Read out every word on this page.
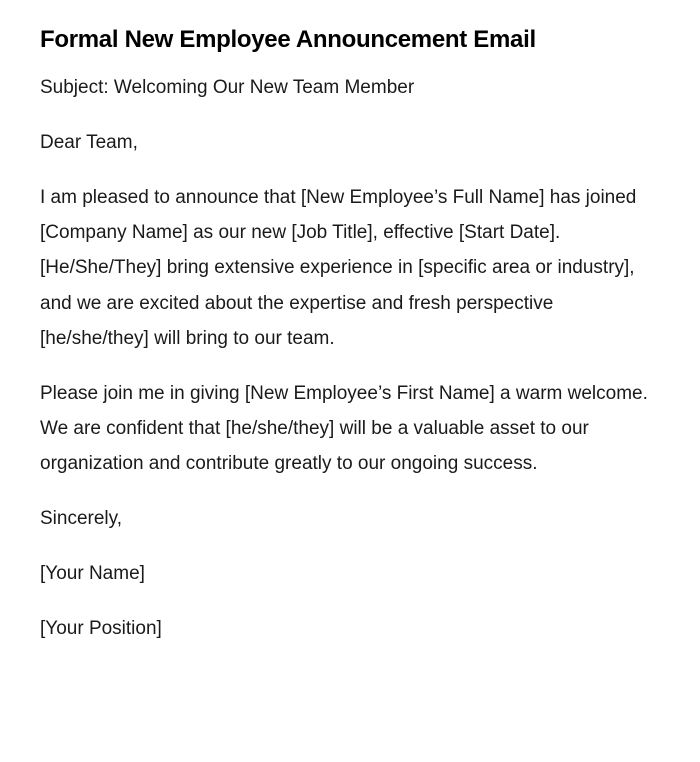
Formal New Employee Announcement Email

Subject: Welcoming Our New Team Member

Dear Team,

I am pleased to announce that [New Employee’s Full Name] has joined [Company Name] as our new [Job Title], effective [Start Date]. [He/She/They] bring extensive experience in [specific area or industry], and we are excited about the expertise and fresh perspective [he/she/they] will bring to our team.

Please join me in giving [New Employee’s First Name] a warm welcome. We are confident that [he/she/they] will be a valuable asset to our organization and contribute greatly to our ongoing success.

Sincerely,

[Your Name]

[Your Position]
